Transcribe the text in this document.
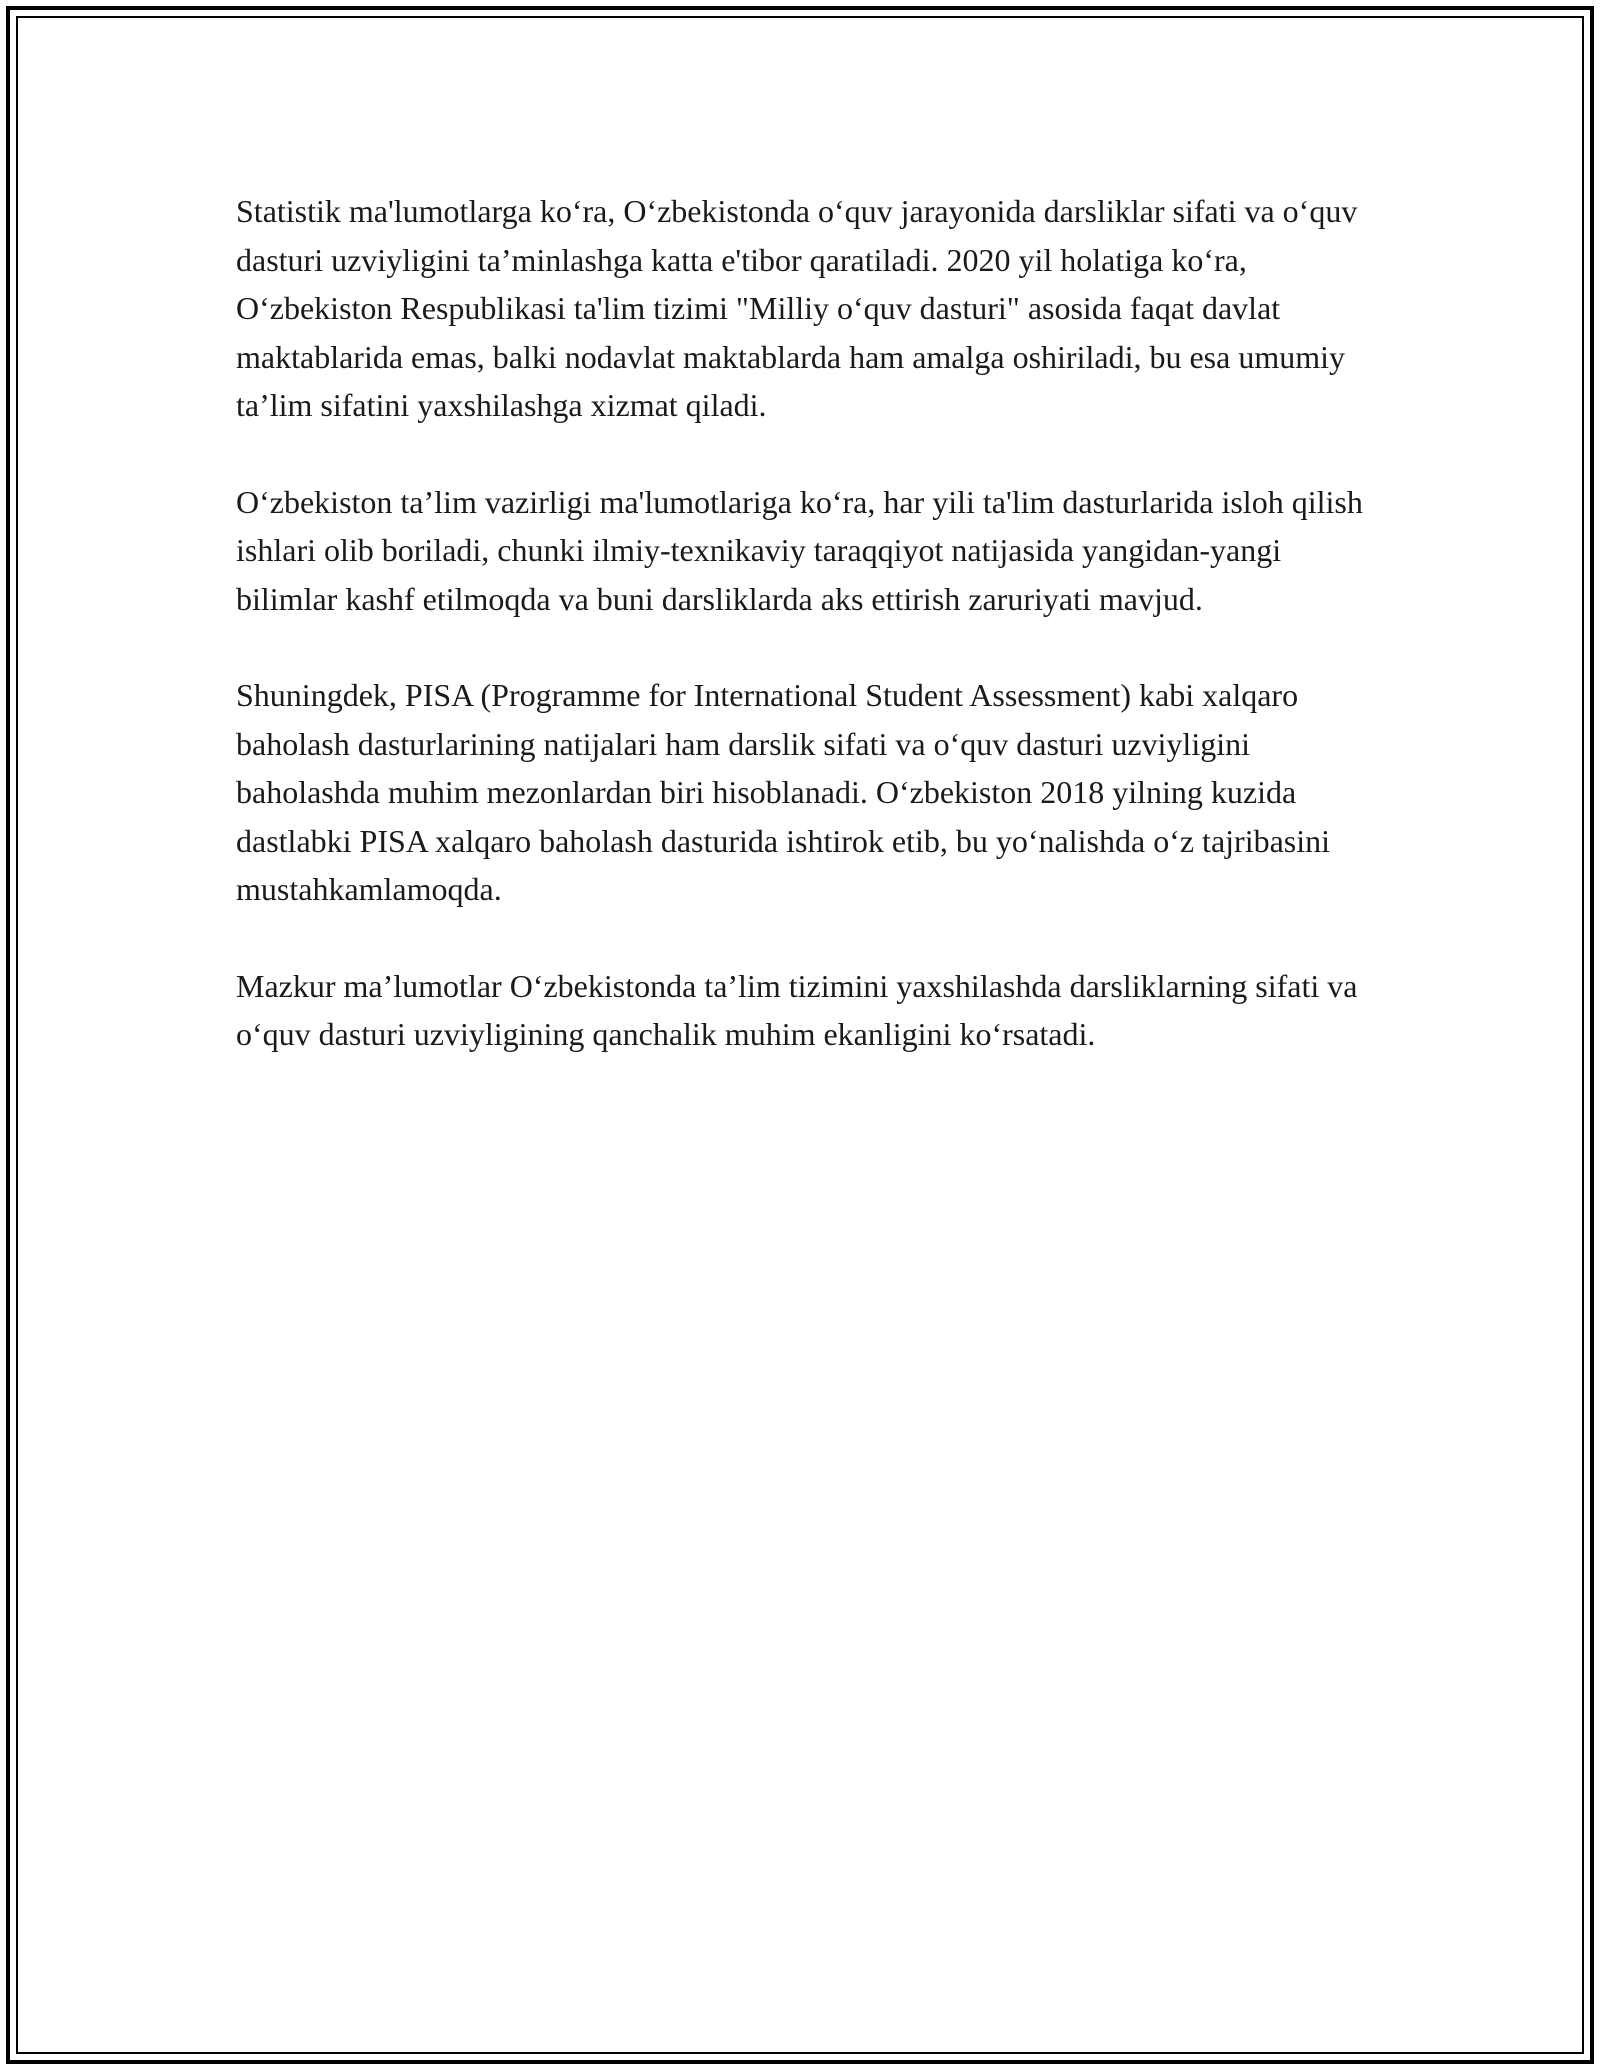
Statistik ma'lumotlarga ko‘ra, O‘zbekistonda o‘quv jarayonida darsliklar sifati va o‘quv dasturi uzviyligini ta’minlashga katta e'tibor qaratiladi. 2020 yil holatiga ko‘ra, O‘zbekiston Respublikasi ta'lim tizimi "Milliy o‘quv dasturi" asosida faqat davlat maktablarida emas, balki nodavlat maktablarda ham amalga oshiriladi, bu esa umumiy ta’lim sifatini yaxshilashga xizmat qiladi.

O‘zbekiston ta’lim vazirligi ma'lumotlariga ko‘ra, har yili ta'lim dasturlarida isloh qilish ishlari olib boriladi, chunki ilmiy-texnikaviy taraqqiyot natijasida yangidan-yangi bilimlar kashf etilmoqda va buni darsliklarda aks ettirish zaruriyati mavjud.

Shuningdek, PISA (Programme for International Student Assessment) kabi xalqaro baholash dasturlarining natijalari ham darslik sifati va o‘quv dasturi uzviyligini baholashda muhim mezonlardan biri hisoblanadi. O‘zbekiston 2018 yilning kuzida dastlabki PISA xalqaro baholash dasturida ishtirok etib, bu yo‘nalishda o‘z tajribasini mustahkamlamoqda.

Mazkur ma’lumotlar O‘zbekistonda ta’lim tizimini yaxshilashda darsliklarning sifati va o‘quv dasturi uzviyligining qanchalik muhim ekanligini ko‘rsatadi.
